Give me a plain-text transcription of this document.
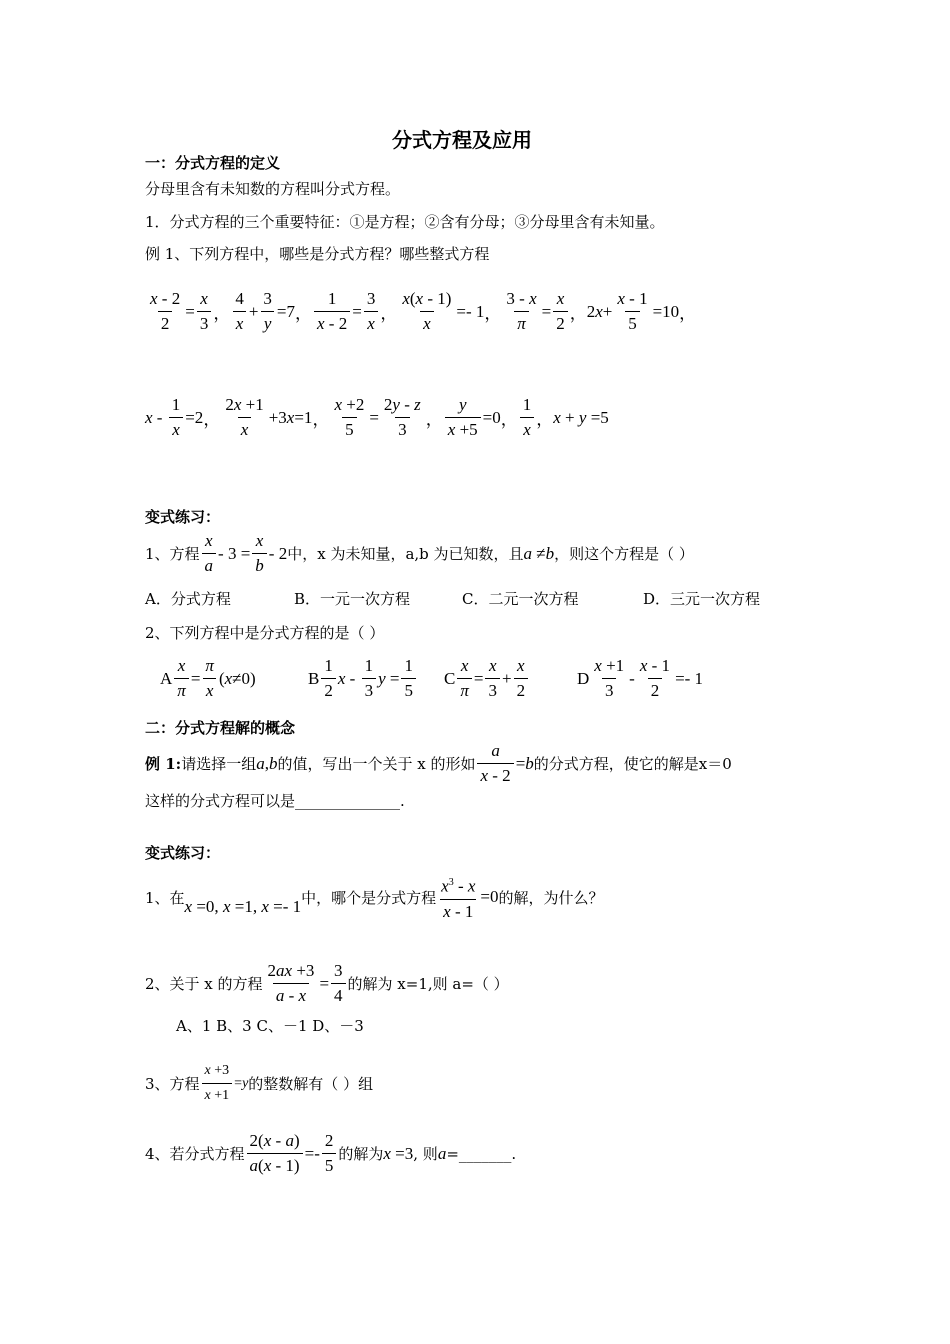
分式方程及应用
一：分式方程的定义
分母里含有未知数的方程叫分式方程。
1．分式方程的三个重要特征：①是方程；②含有分母；③分母里含有未知量。
例 1、下列方程中，哪些是分式方程？哪些整式方程
$\frac{x - 2}{2} = \frac{x}{3}$ ， $\frac{4}{x} + \frac{3}{y} =7$ ， $\frac{1}{x - 2} = \frac{3}{x}$ ， $\frac{x(x - 1)}{x} =- 1$ ， $\frac{3 - x}{\pi} = \frac{x}{2}$ ， 2 $x + \frac{x - 1}{5} =10$ ，
$x - \frac{1}{x} =2$ ， $\frac{2x +1}{x} +3$ x =1 ， $\frac{x +2}{5} = \frac{2y - z}{3}$ ， $\frac{y}{x +5} =0$ ， $\frac{1}{x}$ ， x + y =5
变式练习：
1、方程 $\frac{x}{a} - 3 = \frac{x}{b} - 2$ 中，x 为未知量，a,b 为已知数，且 a ≠b ，则这个方程是（ ）
A．分式方程	B．一元一次方程	C．二元一次方程	D．三元一次方程
2、下列方程中是分式方程的是（ ）
A $\frac{x}{\pi} = \frac{\pi}{x}$ ( x ≠0)	B $\frac{1}{2}$ x - $\frac{1}{3}$ $y = \frac{1}{5}$ C $\frac{x}{\pi} = \frac{x}{3} + \frac{x}{2}$	D $\frac{x +1}{3} - \frac{x - 1}{2} =- 1$
二：分式方程解的概念
例 1: 请选择一组 a,b 的值，写出一个关于 x 的形如 $\frac{a}{x - 2} = b$ 的分式方程，使它的解是 x＝0
这样的分式方程可以是______________.
变式练习：
1、在 x =0, x =1, x =- 1 中，哪个是分式方程 $\frac{x^3 - x}{x - 1} =0$ 的解，为什么？
2、关于 x 的方程 $\frac{2ax +3}{a - x} = \frac{3}{4}$ 的解为 x=1,则 a=（ ）
A、1 B、3 C、－1 D、－3
3、方程 $\frac{x +3}{x +1} = y$ 的整数解有（ ）组
4、若分式方程 $\frac{2(x - a)}{a(x - 1)} =- \frac{2}{5}$ 的解为 x =3 , 则 a =_______.
